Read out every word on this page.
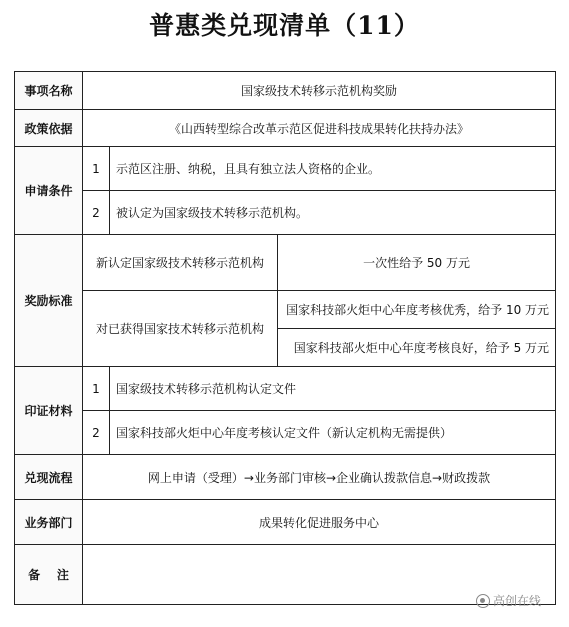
普惠类兑现清单（11）
事项名称	国家级技术转移示范机构奖励		
政策依据	《山西转型综合改革示范区促进科技成果转化扶持办法》		
申请条件	1	示范区注册、纳税，且具有独立法人资格的企业。	
	2	被认定为国家级技术转移示范机构。	
奖励标准	新认定国家级技术转移示范机构		一次性给予 50 万元
	对已获得国家技术转移示范机构		国家科技部火炬中心年度考核优秀，给予 10 万元
			国家科技部火炬中心年度考核良好，给予 5 万元
印证材料	1	国家级技术转移示范机构认定文件	
	2	国家科技部火炬中心年度考核认定文件（新认定机构无需提供）	
兑现流程	网上申请（受理）→业务部门审核→企业确认拨款信息→财政拨款		
业务部门	成果转化促进服务中心		
备    注			
高创在线
